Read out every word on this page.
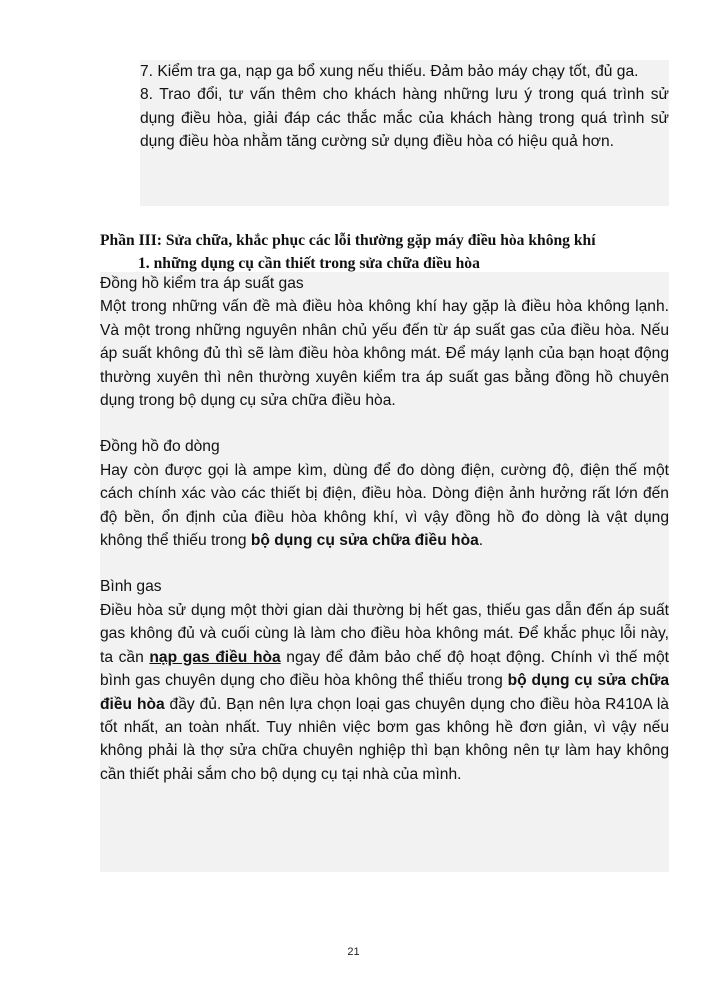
7. Kiểm tra ga, nạp ga bổ xung nếu thiếu. Đảm bảo máy chạy tốt, đủ ga.

8. Trao đổi, tư vấn thêm cho khách hàng những lưu ý trong quá trình sử dụng điều hòa, giải đáp các thắc mắc của khách hàng trong quá trình sử dụng điều hòa nhằm tăng cường sử dụng điều hòa có hiệu quả hơn.

Phần III: Sửa chữa, khắc phục các lỗi thường gặp máy điều hòa không khí
1. những dụng cụ cần thiết trong sửa chữa điều hòa

Đồng hồ kiểm tra áp suất gas

Một trong những vấn đề mà điều hòa không khí hay gặp là điều hòa không lạnh. Và một trong những nguyên nhân chủ yếu đến từ áp suất gas của điều hòa. Nếu áp suất không đủ thì sẽ làm điều hòa không mát. Để máy lạnh của bạn hoạt động thường xuyên thì nên thường xuyên kiểm tra áp suất gas bằng đồng hồ chuyên dụng trong bộ dụng cụ sửa chữa điều hòa.

Đồng hồ đo dòng

Hay còn được gọi là ampe kìm, dùng để đo dòng điện, cường độ, điện thế một cách chính xác vào các thiết bị điện, điều hòa. Dòng điện ảnh hưởng rất lớn đến độ bền, ổn định của điều hòa không khí, vì vậy đồng hồ đo dòng là vật dụng không thể thiếu trong bộ dụng cụ sửa chữa điều hòa.

Bình gas

Điều hòa sử dụng một thời gian dài thường bị hết gas, thiếu gas dẫn đến áp suất gas không đủ và cuối cùng là làm cho điều hòa không mát. Để khắc phục lỗi này, ta cần nạp gas điều hòa ngay để đảm bảo chế độ hoạt động. Chính vì thế một bình gas chuyên dụng cho điều hòa không thể thiếu trong bộ dụng cụ sửa chữa điều hòa đầy đủ. Bạn nên lựa chọn loại gas chuyên dụng cho điều hòa R410A là tốt nhất, an toàn nhất. Tuy nhiên việc bơm gas không hề đơn giản, vì vậy nếu không phải là thợ sửa chữa chuyên nghiệp thì bạn không nên tự làm hay không cần thiết phải sắm cho bộ dụng cụ tại nhà của mình.

21
